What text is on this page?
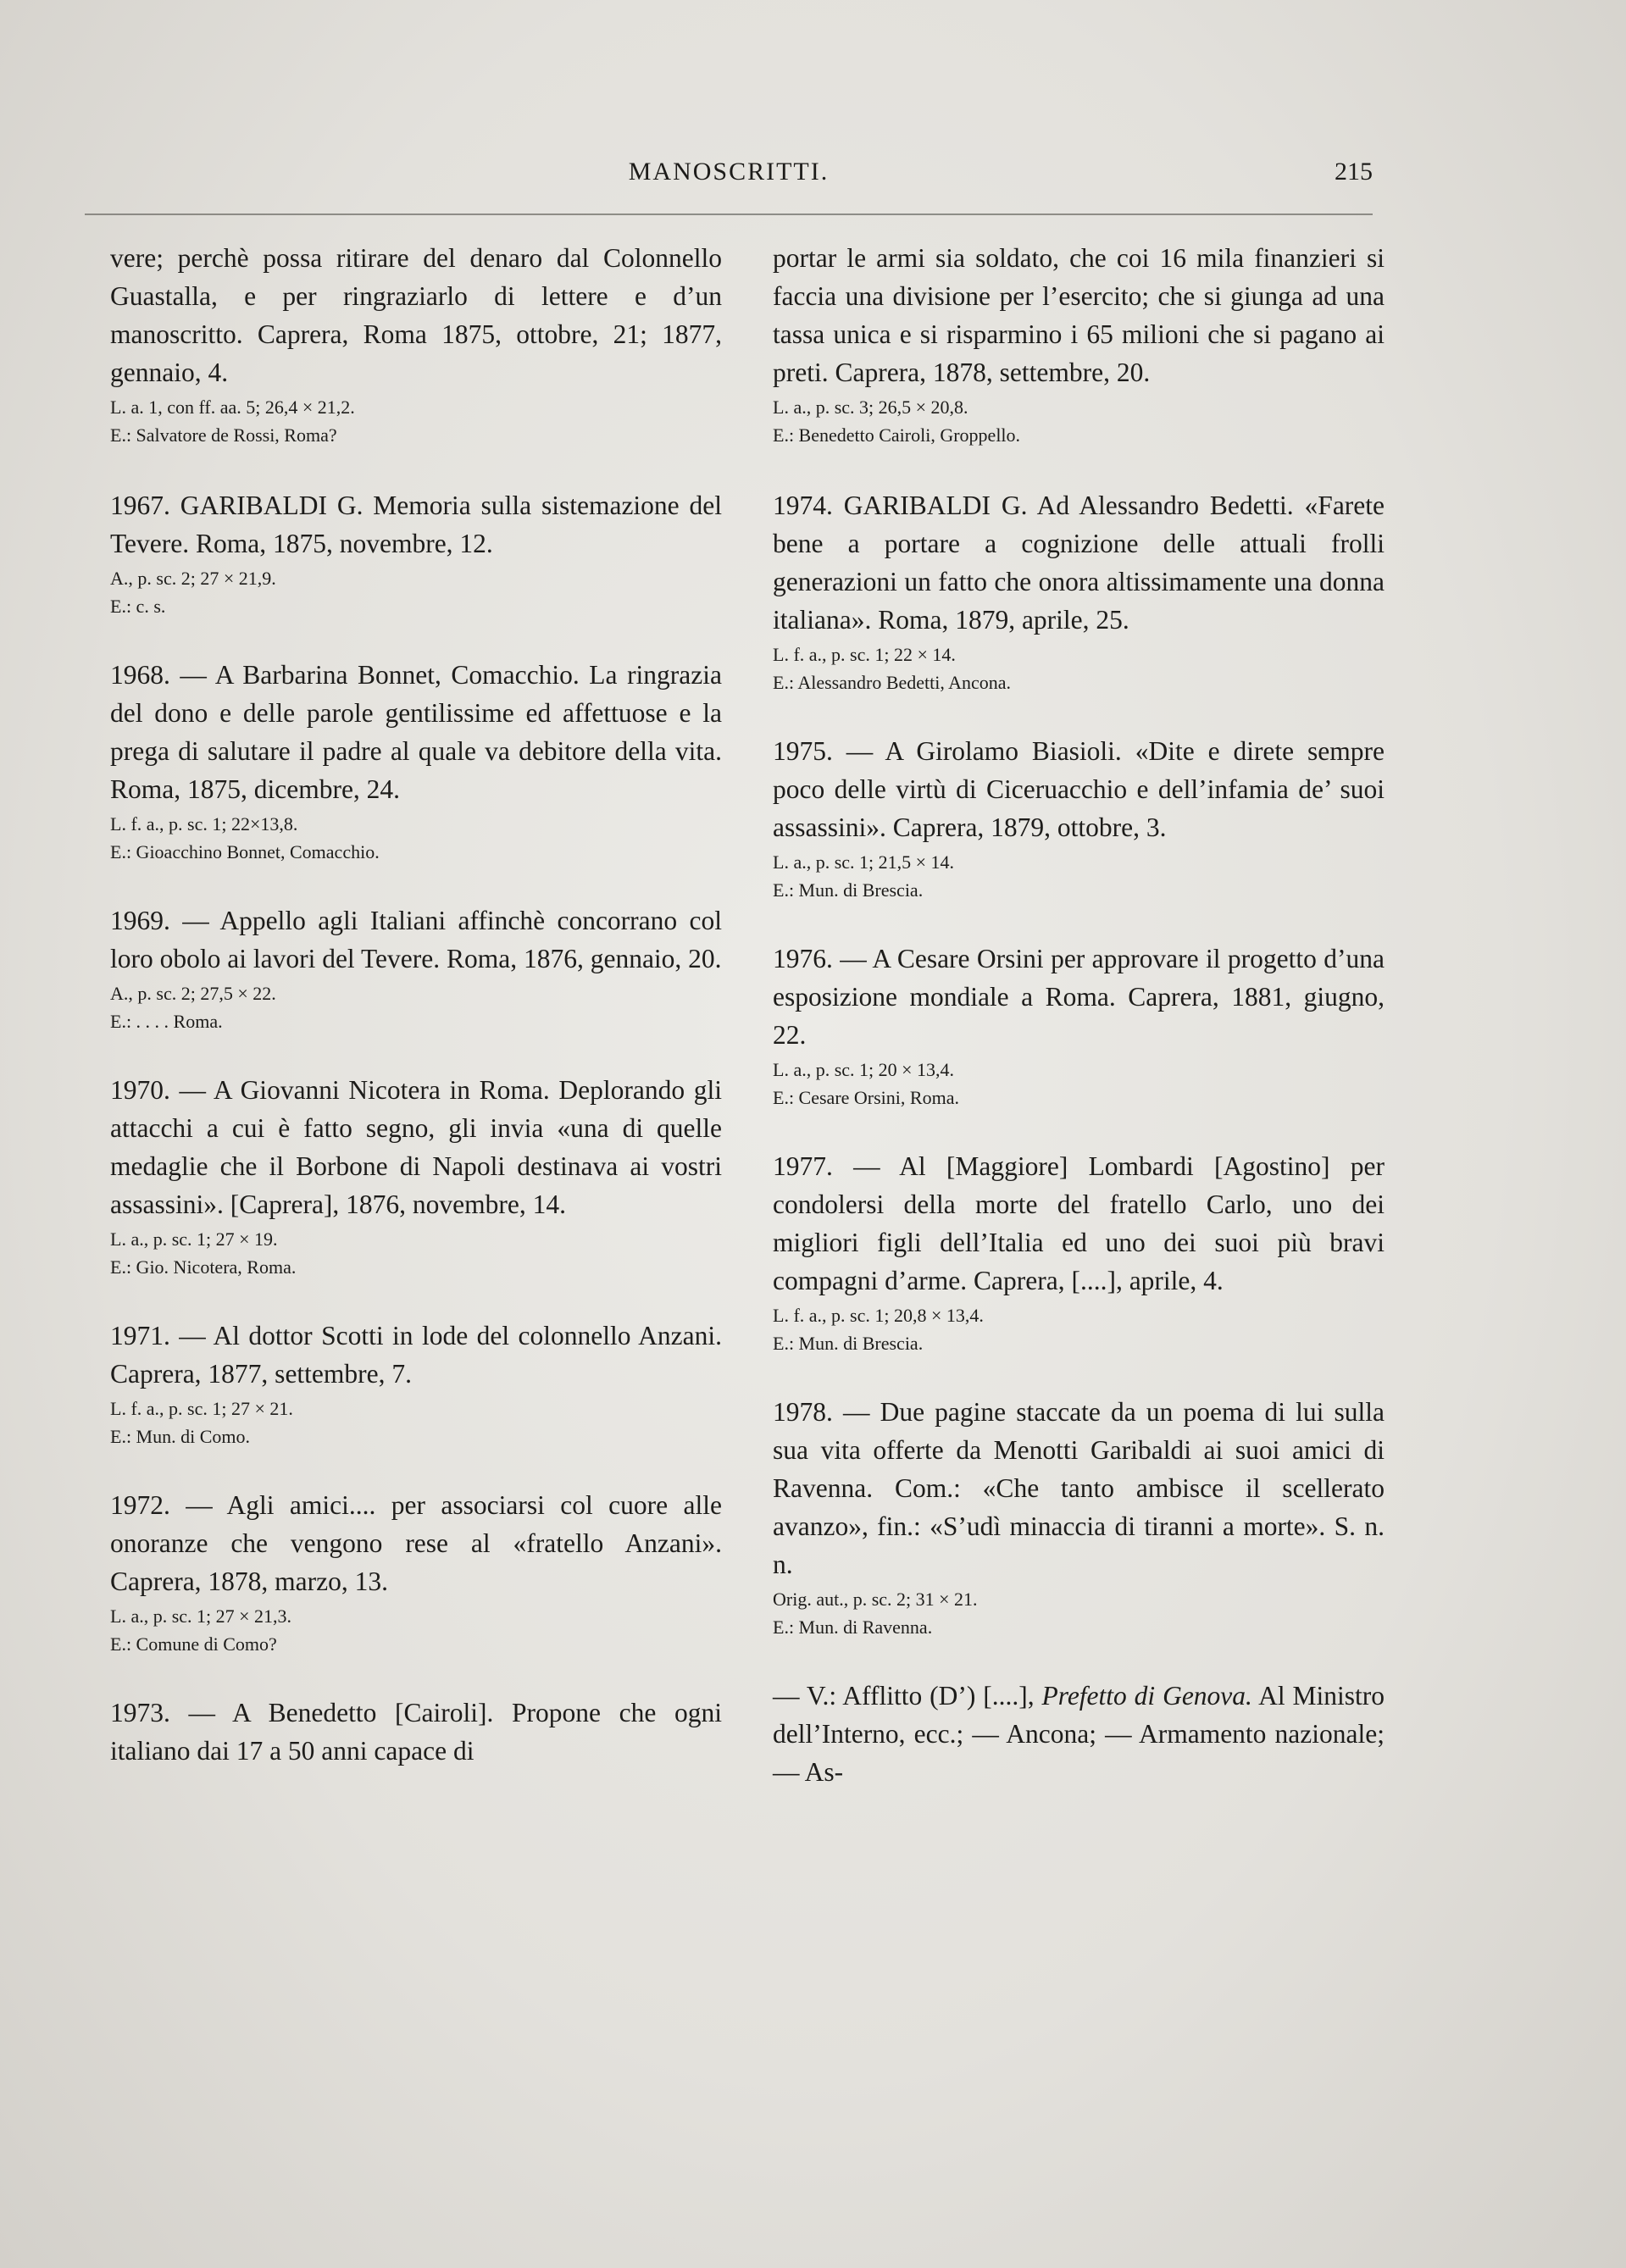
MANOSCRITTI.	215

vere; perchè possa ritirare del denaro dal Colonnello Guastalla, e per ringraziarlo di lettere e d’un manoscritto. Caprera, Roma 1875, ottobre, 21; 1877, gennaio, 4.

L. a. 1, con ff. aa. 5; 26,4 × 21,2.

E.: Salvatore de Rossi, Roma?

1967. GARIBALDI G. Memoria sulla sistemazione del Tevere. Roma, 1875, novembre, 12.

A., p. sc. 2; 27 × 21,9.

E.: c. s.

1968. — A Barbarina Bonnet, Comacchio. La ringrazia del dono e delle parole gentilissime ed affettuose e la prega di salutare il padre al quale va debitore della vita. Roma, 1875, dicembre, 24.

L. f. a., p. sc. 1; 22×13,8.

E.: Gioacchino Bonnet, Comacchio.

1969. — Appello agli Italiani affinchè concorrano col loro obolo ai lavori del Tevere. Roma, 1876, gennaio, 20.

A., p. sc. 2; 27,5 × 22.

E.: . . . . Roma.

1970. — A Giovanni Nicotera in Roma. Deplorando gli attacchi a cui è fatto segno, gli invia «una di quelle medaglie che il Borbone di Napoli destinava ai vostri assassini». [Caprera], 1876, novembre, 14.

L. a., p. sc. 1; 27 × 19.

E.: Gio. Nicotera, Roma.

1971. — Al dottor Scotti in lode del colonnello Anzani. Caprera, 1877, settembre, 7.

L. f. a., p. sc. 1; 27 × 21.

E.: Mun. di Como.

1972. — Agli amici.... per associarsi col cuore alle onoranze che vengono rese al «fratello Anzani». Caprera, 1878, marzo, 13.

L. a., p. sc. 1; 27 × 21,3.

E.: Comune di Como?

1973. — A Benedetto [Cairoli]. Propone che ogni italiano dai 17 a 50 anni capace di

portar le armi sia soldato, che coi 16 mila finanzieri si faccia una divisione per l’esercito; che si giunga ad una tassa unica e si risparmino i 65 milioni che si pagano ai preti. Caprera, 1878, settembre, 20.

L. a., p. sc. 3; 26,5 × 20,8.

E.: Benedetto Cairoli, Groppello.

1974. GARIBALDI G. Ad Alessandro Bedetti. «Farete bene a portare a cognizione delle attuali frolli generazioni un fatto che onora altissimamente una donna italiana». Roma, 1879, aprile, 25.

L. f. a., p. sc. 1; 22 × 14.

E.: Alessandro Bedetti, Ancona.

1975. — A Girolamo Biasioli. «Dite e direte sempre poco delle virtù di Ciceruacchio e dell’infamia de’ suoi assassini». Caprera, 1879, ottobre, 3.

L. a., p. sc. 1; 21,5 × 14.

E.: Mun. di Brescia.

1976. — A Cesare Orsini per approvare il progetto d’una esposizione mondiale a Roma. Caprera, 1881, giugno, 22.

L. a., p. sc. 1; 20 × 13,4.

E.: Cesare Orsini, Roma.

1977. — Al [Maggiore] Lombardi [Agostino] per condolersi della morte del fratello Carlo, uno dei migliori figli dell’Italia ed uno dei suoi più bravi compagni d’arme. Caprera, [....], aprile, 4.

L. f. a., p. sc. 1; 20,8 × 13,4.

E.: Mun. di Brescia.

1978. — Due pagine staccate da un poema di lui sulla sua vita offerte da Menotti Garibaldi ai suoi amici di Ravenna. Com.: «Che tanto ambisce il scellerato avanzo», fin.: «S’udì minaccia di tiranni a morte». S. n. n.

Orig. aut., p. sc. 2; 31 × 21.

E.: Mun. di Ravenna.

— V.: Afflitto (D’) [....], Prefetto di Genova. Al Ministro dell’Interno, ecc.; — Ancona; — Armamento nazionale; — As-
